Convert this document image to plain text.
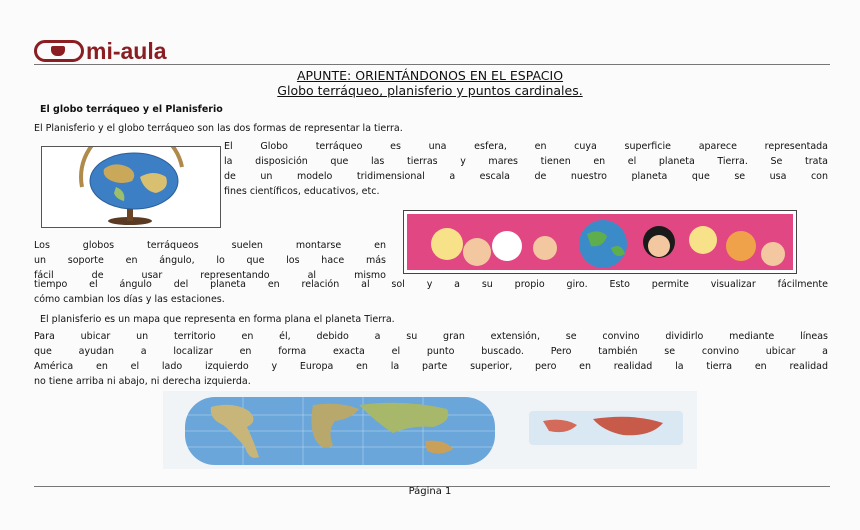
mi-aula
APUNTE: ORIENTÁNDONOS EN EL ESPACIO
Globo terráqueo, planisferio y puntos cardinales.
El globo terráqueo y el Planisferio
El Planisferio y el globo terráqueo son las dos formas de representar la tierra.
El Globo terráqueo es una esfera, en cuya superficie aparece representada
la disposición que las tierras y mares tienen en el planeta Tierra. Se trata
de un modelo tridimensional a escala de nuestro planeta que se usa con
fines científicos, educativos, etc.
Los globos terráqueos suelen montarse en
un soporte en ángulo, lo que los hace más
fácil de usar representando al mismo
tiempo el ángulo del planeta en relación al sol y a su propio giro. Esto permite visualizar fácilmente
cómo cambian los días y las estaciones.
El planisferio es un mapa que representa en forma plana el planeta Tierra.
Para ubicar un territorio en él, debido a su gran extensión, se convino dividirlo mediante líneas
que ayudan a localizar en forma exacta el punto buscado. Pero también se convino ubicar a
América en el lado izquierdo y Europa en la parte superior, pero en realidad la tierra en realidad
no tiene arriba ni abajo, ni derecha izquierda.
Página 1
